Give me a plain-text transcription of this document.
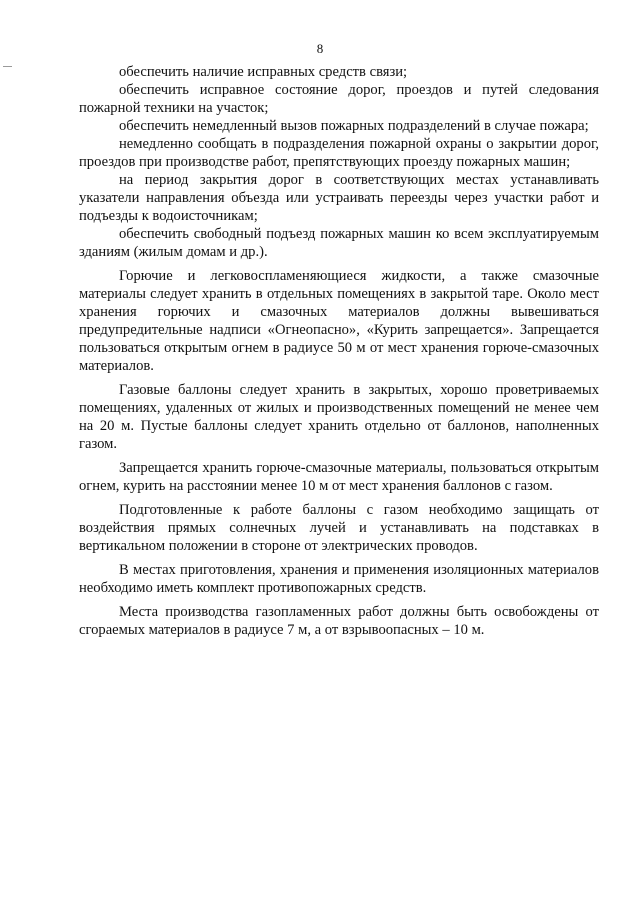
8

обеспечить наличие исправных средств связи;

обеспечить исправное состояние дорог, проездов и путей следования пожарной техники на участок;

обеспечить немедленный вызов пожарных подразделений в случае пожара;

немедленно сообщать в подразделения пожарной охраны о закрытии дорог, проездов при производстве работ, препятствующих проезду пожарных машин;

на период закрытия дорог в соответствующих местах устанавливать указатели направления объезда или устраивать переезды через участки работ и подъезды к водоисточникам;

обеспечить свободный подъезд пожарных машин ко всем эксплуатируемым зданиям (жилым домам и др.).

Горючие и легковоспламеняющиеся жидкости, а также смазочные материалы следует хранить в отдельных помещениях в закрытой таре. Около мест хранения горючих и смазочных материалов должны вывешиваться предупредительные надписи «Огнеопасно», «Курить запрещается». Запрещается пользоваться открытым огнем в радиусе 50 м от мест хранения горюче-смазочных материалов.

Газовые баллоны следует хранить в закрытых, хорошо проветриваемых помещениях, удаленных от жилых и производственных помещений не менее чем на 20 м. Пустые баллоны следует хранить отдельно от баллонов, наполненных газом.

Запрещается хранить горюче-смазочные материалы, пользоваться открытым огнем, курить на расстоянии менее 10 м от мест хранения баллонов с газом.

Подготовленные к работе баллоны с газом необходимо защищать от воздействия прямых солнечных лучей и устанавливать на подставках в вертикальном положении в стороне от электрических проводов.

В местах приготовления, хранения и применения изоляционных материалов необходимо иметь комплект противопожарных средств.

Места производства газопламенных работ должны быть освобождены от сгораемых материалов в радиусе 7 м, а от взрывоопасных – 10 м.
